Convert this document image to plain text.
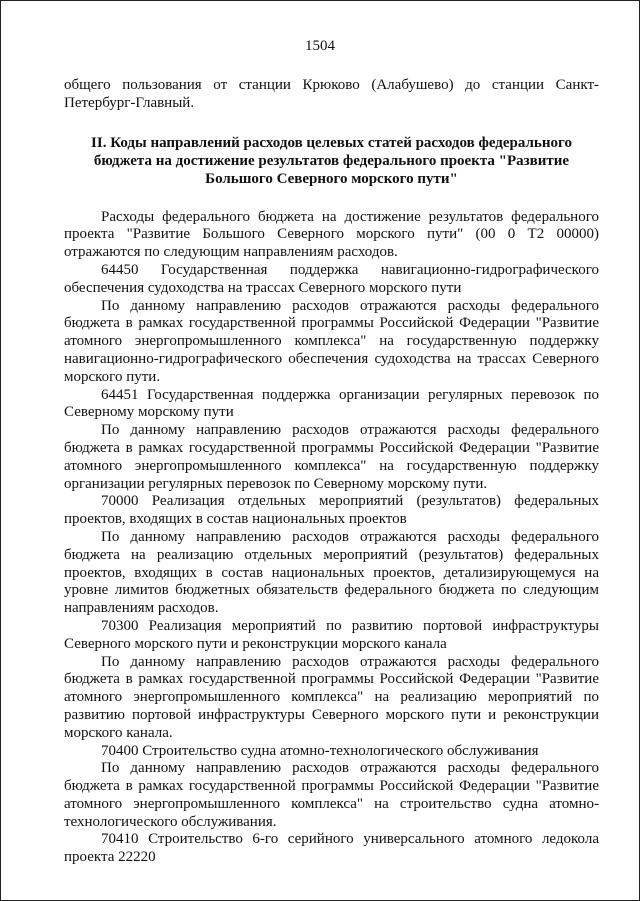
1504

общего пользования от станции Крюково (Алабушево) до станции Санкт-Петербург-Главный.

II. Коды направлений расходов целевых статей расходов федерального
бюджета на достижение результатов федерального проекта "Развитие
Большого Северного морского пути"

Расходы федерального бюджета на достижение результатов федерального проекта "Развитие Большого Северного морского пути" (00 0 Т2 00000) отражаются по следующим направлениям расходов.

64450 Государственная поддержка навигационно-гидрографического обеспечения судоходства на трассах Северного морского пути

По данному направлению расходов отражаются расходы федерального бюджета в рамках государственной программы Российской Федерации "Развитие атомного энергопромышленного комплекса" на государственную поддержку навигационно-гидрографического обеспечения судоходства на трассах Северного морского пути.

64451 Государственная поддержка организации регулярных перевозок по Северному морскому пути

По данному направлению расходов отражаются расходы федерального бюджета в рамках государственной программы Российской Федерации "Развитие атомного энергопромышленного комплекса" на государственную поддержку организации регулярных перевозок по Северному морскому пути.

70000 Реализация отдельных мероприятий (результатов) федеральных проектов, входящих в состав национальных проектов

По данному направлению расходов отражаются расходы федерального бюджета на реализацию отдельных мероприятий (результатов) федеральных проектов, входящих в состав национальных проектов, детализирующемуся на уровне лимитов бюджетных обязательств федерального бюджета по следующим направлениям расходов.

70300 Реализация мероприятий по развитию портовой инфраструктуры Северного морского пути и реконструкции морского канала

По данному направлению расходов отражаются расходы федерального бюджета в рамках государственной программы Российской Федерации "Развитие атомного энергопромышленного комплекса" на реализацию мероприятий по развитию портовой инфраструктуры Северного морского пути и реконструкции морского канала.

70400 Строительство судна атомно-технологического обслуживания

По данному направлению расходов отражаются расходы федерального бюджета в рамках государственной программы Российской Федерации "Развитие атомного энергопромышленного комплекса" на строительство судна атомно-технологического обслуживания.

70410 Строительство 6-го серийного универсального атомного ледокола проекта 22220
